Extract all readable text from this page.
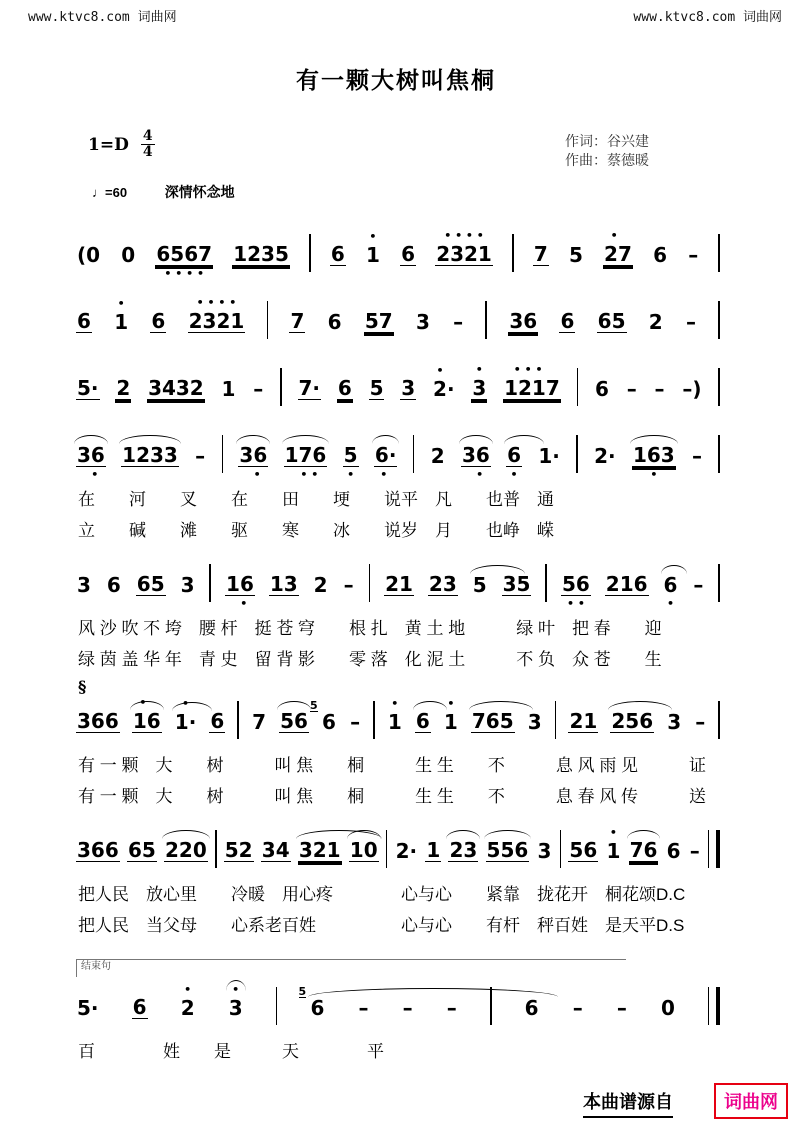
www.ktvc8.com 词曲网	www.ktvc8.com 词曲网
有一颗大树叫焦桐
$1=D \frac{4}{4}$	作词：谷兴建
作曲：蔡德暖
♩=60	深情怀念地
(0 0 6567
• • • •
1235 6 1
•
6 2321
• • • •
7 5 27
•
6 –
6 1
•
6 2321
• • • •
7 6 57 3 – 36 6 65 2 –
5· 2 3432 1 – 7· 6 5 3 2·
•
3
•
1217
• • •
6 – – –)
36
•
1233 – 36
•
176
• •
5
•
6·
•
2 36
•
6
•
1· 2· 163
•
–
在　　河　　叉　　在　　田　　埂　　说平　凡　　也普　通
立　　碱　　滩　　驱　　寒　　冰　　说岁　月　　也峥　嵘
3 6 65 3 16
•
13 2 – 21 23 5 35 56
• •
216 6
•
–
风 沙 吹 不 垮　腰 杆　挺 苍 穹　　根 扎　黄 土 地　　　绿 叶　把 春　　迎
绿 茵 盖 华 年　青 史　留 背 影　　零 落　化 泥 土　　　不 负　众 苍　　生
§
366 16
•
1·
•
6 7 56
5
6 – 1
•
6 1
•
765 3 21 256 3 –
有 一 颗　大　　树　　　叫 焦　　桐　　　生 生　　不　　　息 风 雨 见　　　证
有 一 颗　大　　树　　　叫 焦　　桐　　　生 生　　不　　　息 春 风 传　　　送
366 65 220 52 34 321 10 2· 1 23 556 3 56 1
•
76 6 –
把人民　放心里　　冷暖　用心疼　　　　心与心　　紧靠　拢花开　桐花颂D.C
把人民　当父母　　心系老百姓　　　　　心与心　　有杆　秤百姓　是天平D.S
结束句
5· 6 2
•
3
•	5
6 – – –	6 – – 0
百　　　　姓　　是　　　天　　　　平
本曲谱源自	词曲网
